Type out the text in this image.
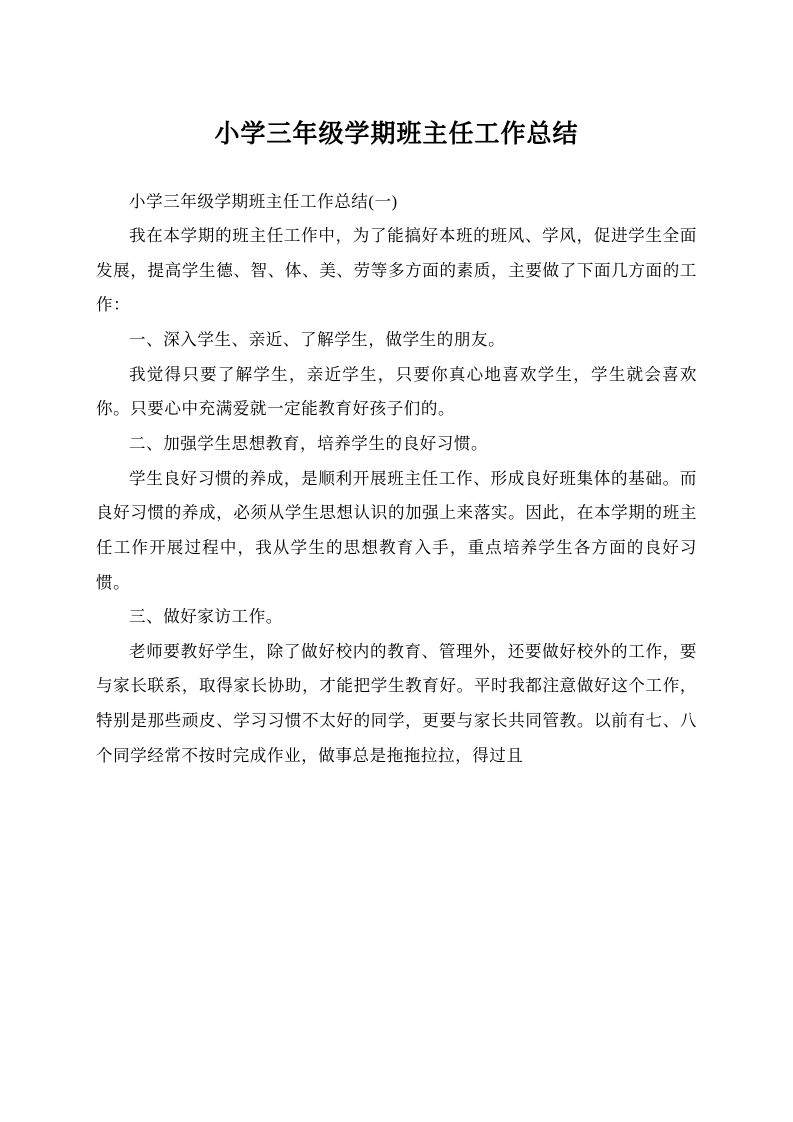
小学三年级学期班主任工作总结

小学三年级学期班主任工作总结(一)

我在本学期的班主任工作中，为了能搞好本班的班风、学风，促进学生全面发展，提高学生德、智、体、美、劳等多方面的素质，主要做了下面几方面的工作：

一、深入学生、亲近、了解学生，做学生的朋友。

我觉得只要了解学生，亲近学生，只要你真心地喜欢学生，学生就会喜欢你。只要心中充满爱就一定能教育好孩子们的。

二、加强学生思想教育，培养学生的良好习惯。

学生良好习惯的养成，是顺利开展班主任工作、形成良好班集体的基础。而良好习惯的养成，必须从学生思想认识的加强上来落实。因此，在本学期的班主任工作开展过程中，我从学生的思想教育入手，重点培养学生各方面的良好习惯。

三、做好家访工作。

老师要教好学生，除了做好校内的教育、管理外，还要做好校外的工作，要与家长联系，取得家长协助，才能把学生教育好。平时我都注意做好这个工作，特别是那些顽皮、学习习惯不太好的同学，更要与家长共同管教。以前有七、八个同学经常不按时完成作业，做事总是拖拖拉拉，得过且
